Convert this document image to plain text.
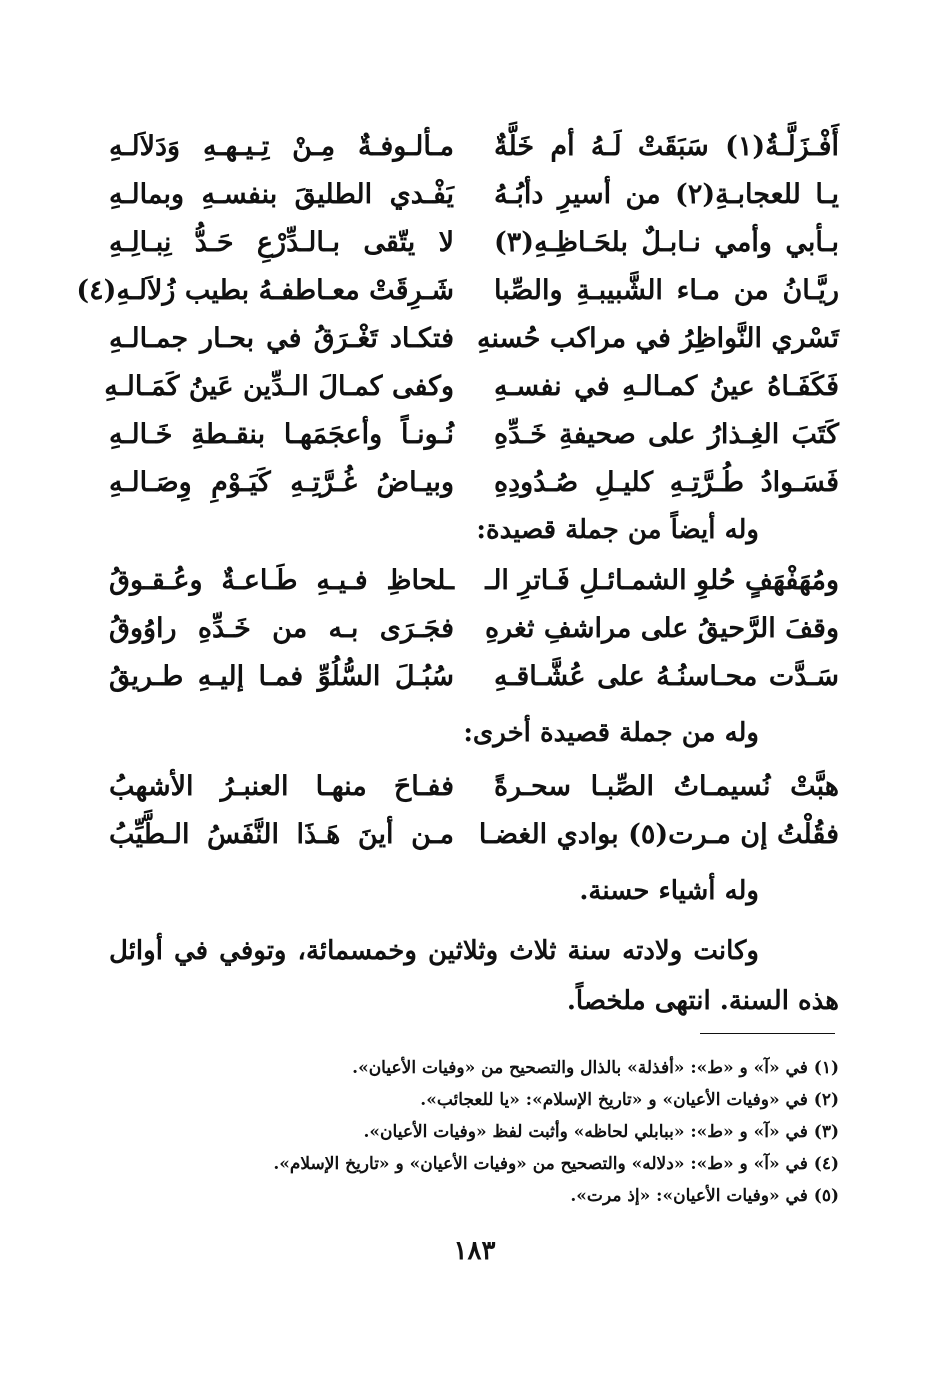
أَفْـزَلَّـةُ(١) سَبَقَتْ لَـهُ أم خَلَّةٌ
مـألـوفـةٌ مِـنْ تِـيـهـهِ وَدَلاَلـهِ
يـا للعجابـةِ(٢) من أسيرِ دأبُـهُ
يَفْـدي الطليقَ بنفسـهِ وبمالـهِ
بـأبي وأمي نـابـلٌ بلحَـاظِـهِ(٣)
لا يتّقى بـالـدِّرْعِ حَـدُّ نِبـالِـهِ
ريَّـانُ من مـاء الشَّبيبـةِ والصِّبا
شَـرِقَتْ معـاطفـهُ بطيب زُلاَلـهِ(٤)
تَسْري النَّواظِرُ في مراكب حُسنهِ
فتكـاد تَغْـرَقُ في بحـار جمـالـهِ
فَكَفَـاهُ عينُ كمـالـهِ في نفسـهِ
وكفى كمـالَ الـدِّين عَينُ كَمَـالـهِ
كَتَبَ الغِـذارُ على صحيفةِ خَـدِّهِ
نُـونـاً وأعجَمَهـا بنقـطةِ خَـالـهِ
فَسَـوادُ طُـرَّتِـهِ كليـلِ صُـدُودِهِ
وبيـاضُ غُـرَّتِـهِ كَيَـوْمِ وِصَـالـهِ
وله أيضاً من جملة قصيدة:
ومُهَفْهَفٍ حُلوِ الشمـائـلِ فَـاترِ الـ
ـلحاظِ فـيـهِ طَـاعـةٌ وعُـقـوقُ
وقفَ الرَّحيقُ على مراشفِ ثغرهِ
فجَـرَى بـه من خَـدِّهِ راوُوقُ
سَـدَّت محـاسنُـهُ على عُشَّـاقـهِ
سُبُـلَ السُّلُوِّ فمـا إليـهِ طـريقُ
وله من جملة قصيدة أخرى:
هبَّتْ نُسيمـاتُ الصِّبـا سحـرةً
ففـاحَ منهـا العنبـرُ الأشهبُ
فقُلْتُ إن مـرت(٥) بوادي الغضـا
مـن أينَ هَـذَا النَّفَسُ الـطَّيِّبُ
وله أشياء حسنة.
وكانت ولادته سنة ثلاث وثلاثين وخمسمائة، وتوفي في أوائل هذه السنة. انتهى ملخصاً.
(١) في «آ» و «ط»: «أفذلة» بالذال والتصحيح من «وفيات الأعيان».
(٢) في «وفيات الأعيان» و «تاريخ الإسلام»: «يا للعجائب».
(٣) في «آ» و «ط»: «ببابلي لحاظه» وأثبت لفظ «وفيات الأعيان».
(٤) في «آ» و «ط»: «دلاله» والتصحيح من «وفيات الأعيان» و «تاريخ الإسلام».
(٥) في «وفيات الأعيان»: «إذ مرت».
١٨٣
